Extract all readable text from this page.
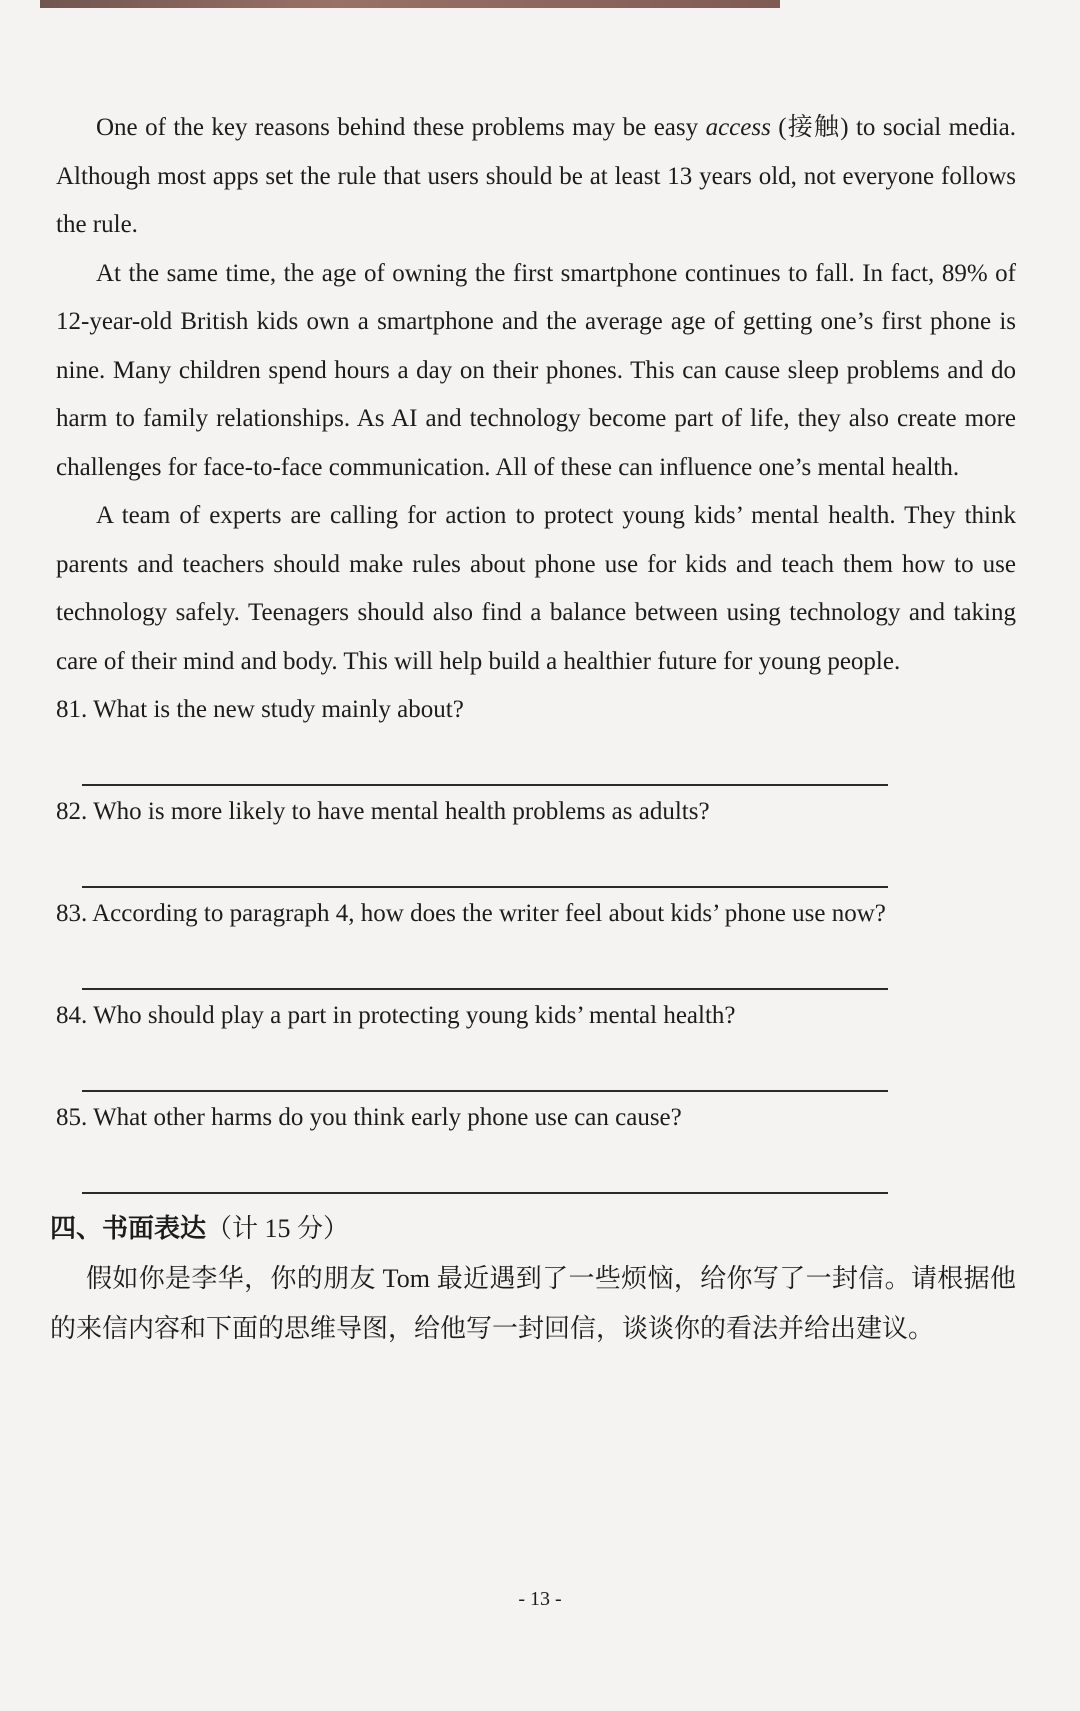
One of the key reasons behind these problems may be easy access (接触) to social media. Although most apps set the rule that users should be at least 13 years old, not everyone follows the rule.

At the same time, the age of owning the first smartphone continues to fall. In fact, 89% of 12-year-old British kids own a smartphone and the average age of getting one’s first phone is nine. Many children spend hours a day on their phones. This can cause sleep problems and do harm to family relationships. As AI and technology become part of life, they also create more challenges for face-to-face communication. All of these can influence one’s mental health.

A team of experts are calling for action to protect young kids’ mental health. They think parents and teachers should make rules about phone use for kids and teach them how to use technology safely. Teenagers should also find a balance between using technology and taking care of their mind and body. This will help build a healthier future for young people.

81. What is the new study mainly about?

82. Who is more likely to have mental health problems as adults?

83. According to paragraph 4, how does the writer feel about kids’ phone use now?

84. Who should play a part in protecting young kids’ mental health?

85. What other harms do you think early phone use can cause?

四、书面表达（计 15 分）

假如你是李华，你的朋友 Tom 最近遇到了一些烦恼，给你写了一封信。请根据他的来信内容和下面的思维导图，给他写一封回信，谈谈你的看法并给出建议。

- 13 -
